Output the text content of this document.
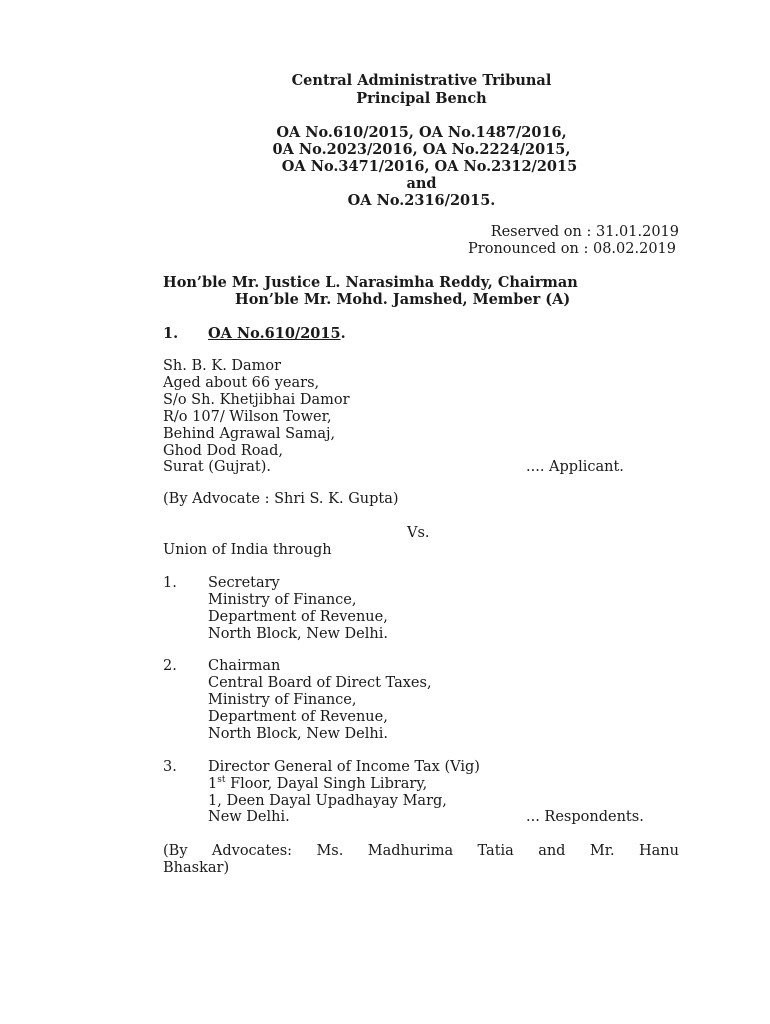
Central Administrative Tribunal
Principal Bench
OA No.610/2015, OA No.1487/2016,
0A No.2023/2016, OA No.2224/2015,
OA No.3471/2016, OA No.2312/2015
and
OA No.2316/2015.
Reserved on : 31.01.2019
Pronounced on : 08.02.2019
Hon’ble Mr. Justice L. Narasimha Reddy, Chairman
Hon’ble Mr. Mohd. Jamshed, Member (A)
1. OA No.610/2015.
Sh. B. K. Damor
Aged about 66 years,
S/o Sh. Khetjibhai Damor
R/o 107/ Wilson Tower,
Behind Agrawal Samaj,
Ghod Dod Road,
Surat (Gujrat).	.... Applicant.
(By Advocate : Shri S. K. Gupta)
Vs.
Union of India through
1. Secretary
Ministry of Finance,
Department of Revenue,
North Block, New Delhi.
2. Chairman
Central Board of Direct Taxes,
Ministry of Finance,
Department of Revenue,
North Block, New Delhi.
3. Director General of Income Tax (Vig)
1st Floor, Dayal Singh Library,
1, Deen Dayal Upadhayay Marg,
New Delhi.	... Respondents.
(By Advocates: Ms. Madhurima Tatia and Mr. Hanu
Bhaskar)
